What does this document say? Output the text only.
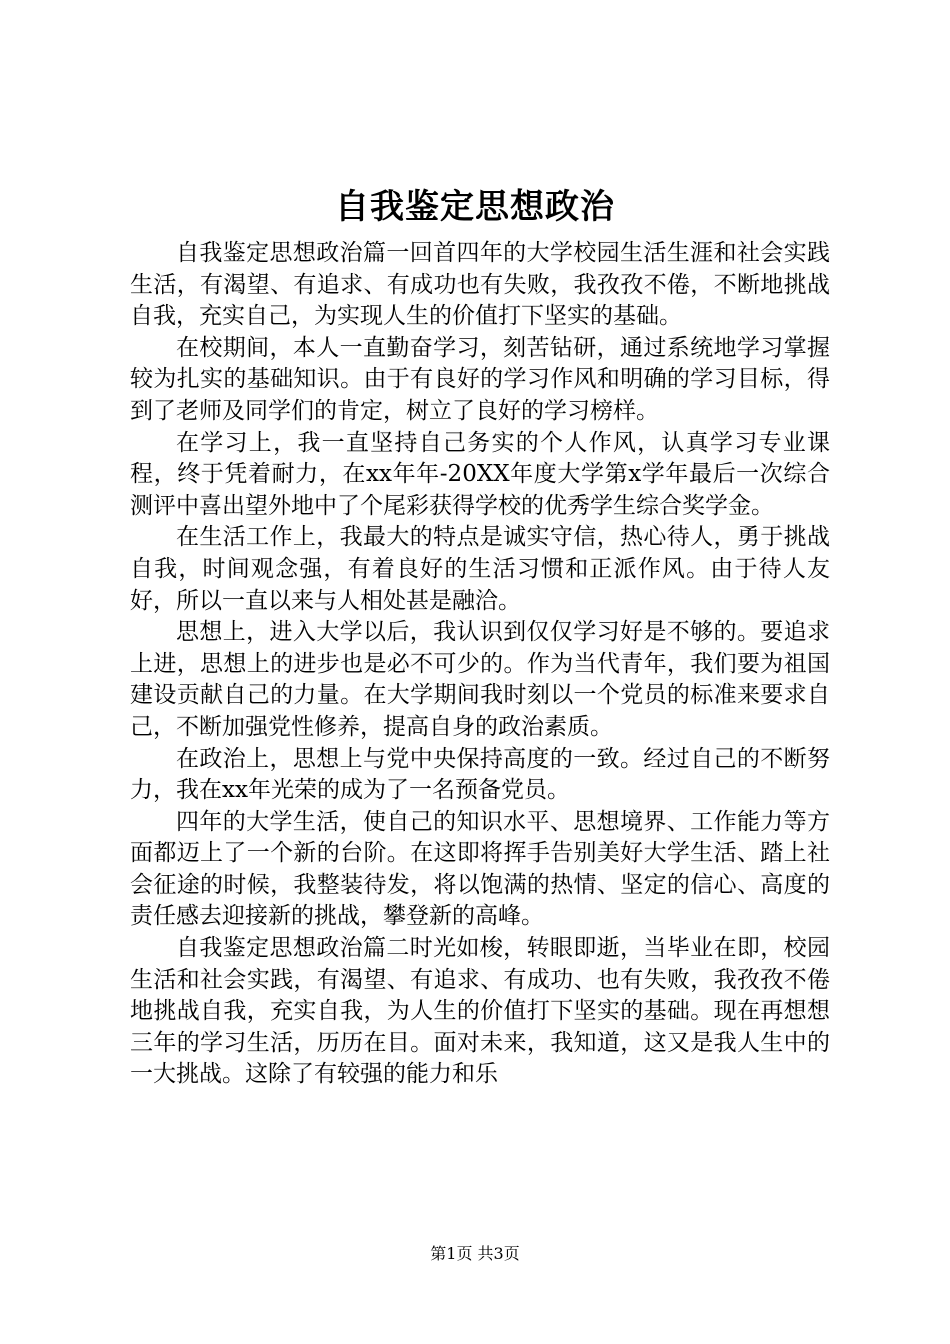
自我鉴定思想政治

自我鉴定思想政治篇一回首四年的大学校园生活生涯和社会实践生活，有渴望、有追求、有成功也有失败，我孜孜不倦，不断地挑战自我，充实自己，为实现人生的价值打下坚实的基础。

在校期间，本人一直勤奋学习，刻苦钻研，通过系统地学习掌握较为扎实的基础知识。由于有良好的学习作风和明确的学习目标，得到了老师及同学们的肯定，树立了良好的学习榜样。

在学习上，我一直坚持自己务实的个人作风，认真学习专业课程，终于凭着耐力，在xx年年-20XX年度大学第x学年最后一次综合测评中喜出望外地中了个尾彩获得学校的优秀学生综合奖学金。

在生活工作上，我最大的特点是诚实守信，热心待人，勇于挑战自我，时间观念强，有着良好的生活习惯和正派作风。由于待人友好，所以一直以来与人相处甚是融洽。

思想上，进入大学以后，我认识到仅仅学习好是不够的。要追求上进，思想上的进步也是必不可少的。作为当代青年，我们要为祖国建设贡献自己的力量。在大学期间我时刻以一个党员的标准来要求自己，不断加强党性修养，提高自身的政治素质。

在政治上，思想上与党中央保持高度的一致。经过自己的不断努力，我在xx年光荣的成为了一名预备党员。

四年的大学生活，使自己的知识水平、思想境界、工作能力等方面都迈上了一个新的台阶。在这即将挥手告别美好大学生活、踏上社会征途的时候，我整装待发，将以饱满的热情、坚定的信心、高度的责任感去迎接新的挑战，攀登新的高峰。

自我鉴定思想政治篇二时光如梭，转眼即逝，当毕业在即，校园生活和社会实践，有渴望、有追求、有成功、也有失败，我孜孜不倦地挑战自我，充实自我，为人生的价值打下坚实的基础。现在再想想三年的学习生活，历历在目。面对未来，我知道，这又是我人生中的一大挑战。这除了有较强的能力和乐

第1页 共3页
